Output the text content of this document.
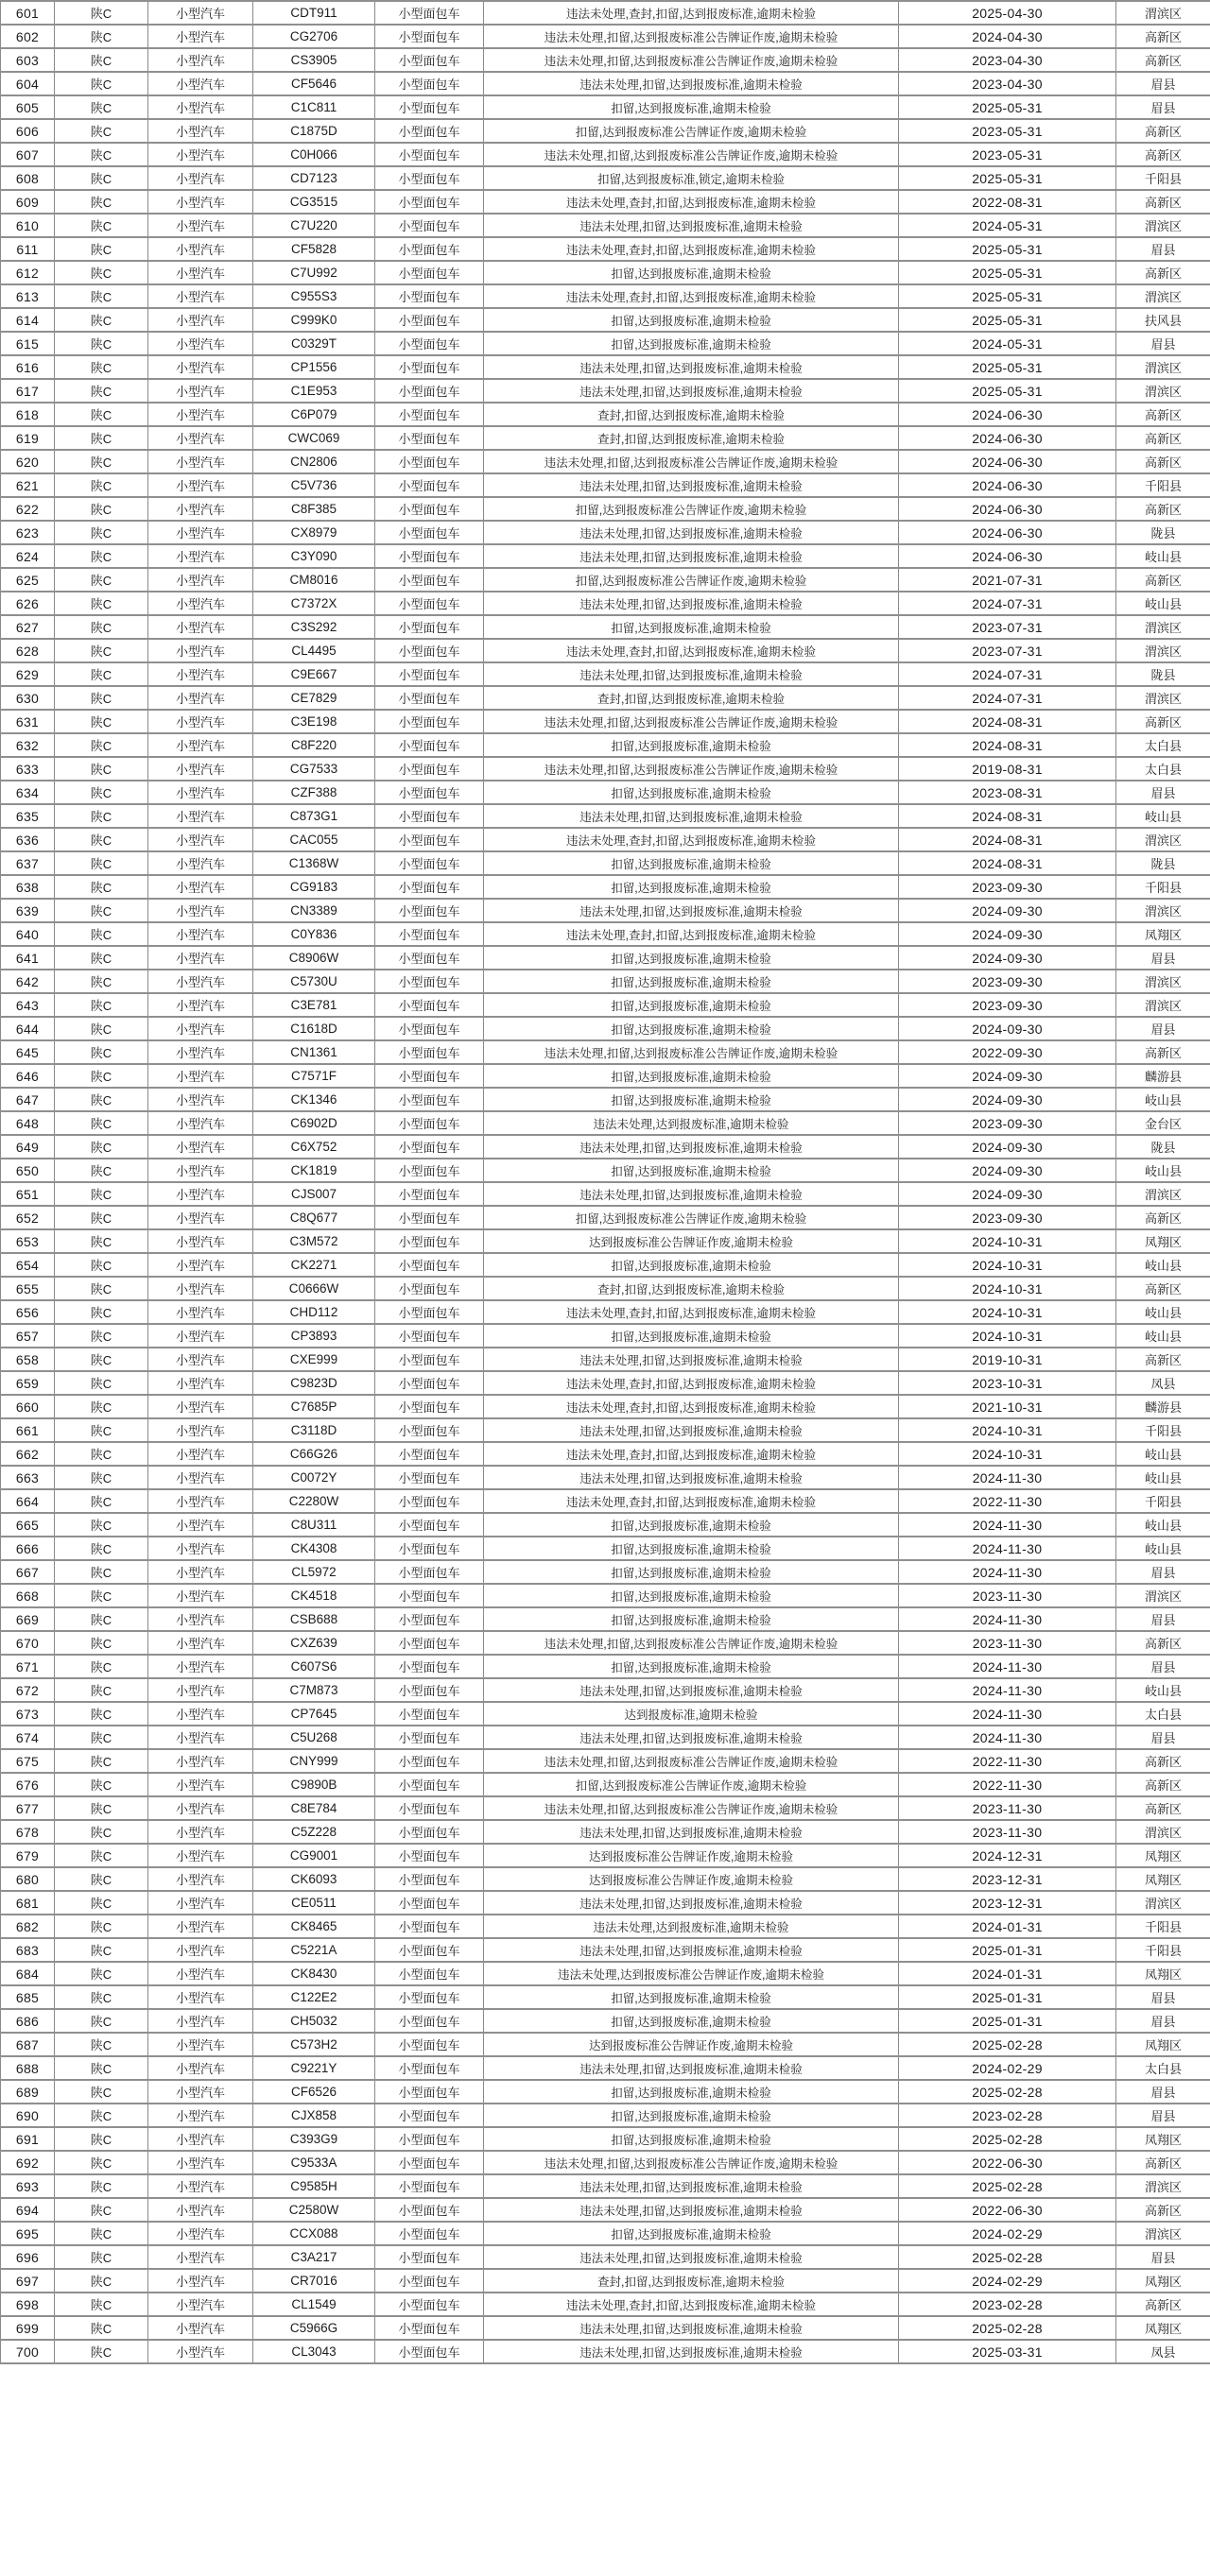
601	陕C	小型汽车	CDT911	小型面包车	违法未处理,查封,扣留,达到报废标准,逾期未检验	2025-04-30	渭滨区
602	陕C	小型汽车	CG2706	小型面包车	违法未处理,扣留,达到报废标准公告牌证作废,逾期未检验	2024-04-30	高新区
603	陕C	小型汽车	CS3905	小型面包车	违法未处理,扣留,达到报废标准公告牌证作废,逾期未检验	2023-04-30	高新区
604	陕C	小型汽车	CF5646	小型面包车	违法未处理,扣留,达到报废标准,逾期未检验	2023-04-30	眉县
605	陕C	小型汽车	C1C811	小型面包车	扣留,达到报废标准,逾期未检验	2025-05-31	眉县
606	陕C	小型汽车	C1875D	小型面包车	扣留,达到报废标准公告牌证作废,逾期未检验	2023-05-31	高新区
607	陕C	小型汽车	C0H066	小型面包车	违法未处理,扣留,达到报废标准公告牌证作废,逾期未检验	2023-05-31	高新区
608	陕C	小型汽车	CD7123	小型面包车	扣留,达到报废标准,锁定,逾期未检验	2025-05-31	千阳县
609	陕C	小型汽车	CG3515	小型面包车	违法未处理,查封,扣留,达到报废标准,逾期未检验	2022-08-31	高新区
610	陕C	小型汽车	C7U220	小型面包车	违法未处理,扣留,达到报废标准,逾期未检验	2024-05-31	渭滨区
611	陕C	小型汽车	CF5828	小型面包车	违法未处理,查封,扣留,达到报废标准,逾期未检验	2025-05-31	眉县
612	陕C	小型汽车	C7U992	小型面包车	扣留,达到报废标准,逾期未检验	2025-05-31	高新区
613	陕C	小型汽车	C955S3	小型面包车	违法未处理,查封,扣留,达到报废标准,逾期未检验	2025-05-31	渭滨区
614	陕C	小型汽车	C999K0	小型面包车	扣留,达到报废标准,逾期未检验	2025-05-31	扶风县
615	陕C	小型汽车	C0329T	小型面包车	扣留,达到报废标准,逾期未检验	2024-05-31	眉县
616	陕C	小型汽车	CP1556	小型面包车	违法未处理,扣留,达到报废标准,逾期未检验	2025-05-31	渭滨区
617	陕C	小型汽车	C1E953	小型面包车	违法未处理,扣留,达到报废标准,逾期未检验	2025-05-31	渭滨区
618	陕C	小型汽车	C6P079	小型面包车	查封,扣留,达到报废标准,逾期未检验	2024-06-30	高新区
619	陕C	小型汽车	CWC069	小型面包车	查封,扣留,达到报废标准,逾期未检验	2024-06-30	高新区
620	陕C	小型汽车	CN2806	小型面包车	违法未处理,扣留,达到报废标准公告牌证作废,逾期未检验	2024-06-30	高新区
621	陕C	小型汽车	C5V736	小型面包车	违法未处理,扣留,达到报废标准,逾期未检验	2024-06-30	千阳县
622	陕C	小型汽车	C8F385	小型面包车	扣留,达到报废标准公告牌证作废,逾期未检验	2024-06-30	高新区
623	陕C	小型汽车	CX8979	小型面包车	违法未处理,扣留,达到报废标准,逾期未检验	2024-06-30	陇县
624	陕C	小型汽车	C3Y090	小型面包车	违法未处理,扣留,达到报废标准,逾期未检验	2024-06-30	岐山县
625	陕C	小型汽车	CM8016	小型面包车	扣留,达到报废标准公告牌证作废,逾期未检验	2021-07-31	高新区
626	陕C	小型汽车	C7372X	小型面包车	违法未处理,扣留,达到报废标准,逾期未检验	2024-07-31	岐山县
627	陕C	小型汽车	C3S292	小型面包车	扣留,达到报废标准,逾期未检验	2023-07-31	渭滨区
628	陕C	小型汽车	CL4495	小型面包车	违法未处理,查封,扣留,达到报废标准,逾期未检验	2023-07-31	渭滨区
629	陕C	小型汽车	C9E667	小型面包车	违法未处理,扣留,达到报废标准,逾期未检验	2024-07-31	陇县
630	陕C	小型汽车	CE7829	小型面包车	查封,扣留,达到报废标准,逾期未检验	2024-07-31	渭滨区
631	陕C	小型汽车	C3E198	小型面包车	违法未处理,扣留,达到报废标准公告牌证作废,逾期未检验	2024-08-31	高新区
632	陕C	小型汽车	C8F220	小型面包车	扣留,达到报废标准,逾期未检验	2024-08-31	太白县
633	陕C	小型汽车	CG7533	小型面包车	违法未处理,扣留,达到报废标准公告牌证作废,逾期未检验	2019-08-31	太白县
634	陕C	小型汽车	CZF388	小型面包车	扣留,达到报废标准,逾期未检验	2023-08-31	眉县
635	陕C	小型汽车	C873G1	小型面包车	违法未处理,扣留,达到报废标准,逾期未检验	2024-08-31	岐山县
636	陕C	小型汽车	CAC055	小型面包车	违法未处理,查封,扣留,达到报废标准,逾期未检验	2024-08-31	渭滨区
637	陕C	小型汽车	C1368W	小型面包车	扣留,达到报废标准,逾期未检验	2024-08-31	陇县
638	陕C	小型汽车	CG9183	小型面包车	扣留,达到报废标准,逾期未检验	2023-09-30	千阳县
639	陕C	小型汽车	CN3389	小型面包车	违法未处理,扣留,达到报废标准,逾期未检验	2024-09-30	渭滨区
640	陕C	小型汽车	C0Y836	小型面包车	违法未处理,查封,扣留,达到报废标准,逾期未检验	2024-09-30	凤翔区
641	陕C	小型汽车	C8906W	小型面包车	扣留,达到报废标准,逾期未检验	2024-09-30	眉县
642	陕C	小型汽车	C5730U	小型面包车	扣留,达到报废标准,逾期未检验	2023-09-30	渭滨区
643	陕C	小型汽车	C3E781	小型面包车	扣留,达到报废标准,逾期未检验	2023-09-30	渭滨区
644	陕C	小型汽车	C1618D	小型面包车	扣留,达到报废标准,逾期未检验	2024-09-30	眉县
645	陕C	小型汽车	CN1361	小型面包车	违法未处理,扣留,达到报废标准公告牌证作废,逾期未检验	2022-09-30	高新区
646	陕C	小型汽车	C7571F	小型面包车	扣留,达到报废标准,逾期未检验	2024-09-30	麟游县
647	陕C	小型汽车	CK1346	小型面包车	扣留,达到报废标准,逾期未检验	2024-09-30	岐山县
648	陕C	小型汽车	C6902D	小型面包车	违法未处理,达到报废标准,逾期未检验	2023-09-30	金台区
649	陕C	小型汽车	C6X752	小型面包车	违法未处理,扣留,达到报废标准,逾期未检验	2024-09-30	陇县
650	陕C	小型汽车	CK1819	小型面包车	扣留,达到报废标准,逾期未检验	2024-09-30	岐山县
651	陕C	小型汽车	CJS007	小型面包车	违法未处理,扣留,达到报废标准,逾期未检验	2024-09-30	渭滨区
652	陕C	小型汽车	C8Q677	小型面包车	扣留,达到报废标准公告牌证作废,逾期未检验	2023-09-30	高新区
653	陕C	小型汽车	C3M572	小型面包车	达到报废标准公告牌证作废,逾期未检验	2024-10-31	凤翔区
654	陕C	小型汽车	CK2271	小型面包车	扣留,达到报废标准,逾期未检验	2024-10-31	岐山县
655	陕C	小型汽车	C0666W	小型面包车	查封,扣留,达到报废标准,逾期未检验	2024-10-31	高新区
656	陕C	小型汽车	CHD112	小型面包车	违法未处理,查封,扣留,达到报废标准,逾期未检验	2024-10-31	岐山县
657	陕C	小型汽车	CP3893	小型面包车	扣留,达到报废标准,逾期未检验	2024-10-31	岐山县
658	陕C	小型汽车	CXE999	小型面包车	违法未处理,扣留,达到报废标准,逾期未检验	2019-10-31	高新区
659	陕C	小型汽车	C9823D	小型面包车	违法未处理,查封,扣留,达到报废标准,逾期未检验	2023-10-31	凤县
660	陕C	小型汽车	C7685P	小型面包车	违法未处理,查封,扣留,达到报废标准,逾期未检验	2021-10-31	麟游县
661	陕C	小型汽车	C3118D	小型面包车	违法未处理,扣留,达到报废标准,逾期未检验	2024-10-31	千阳县
662	陕C	小型汽车	C66G26	小型面包车	违法未处理,查封,扣留,达到报废标准,逾期未检验	2024-10-31	岐山县
663	陕C	小型汽车	C0072Y	小型面包车	违法未处理,扣留,达到报废标准,逾期未检验	2024-11-30	岐山县
664	陕C	小型汽车	C2280W	小型面包车	违法未处理,查封,扣留,达到报废标准,逾期未检验	2022-11-30	千阳县
665	陕C	小型汽车	C8U311	小型面包车	扣留,达到报废标准,逾期未检验	2024-11-30	岐山县
666	陕C	小型汽车	CK4308	小型面包车	扣留,达到报废标准,逾期未检验	2024-11-30	岐山县
667	陕C	小型汽车	CL5972	小型面包车	扣留,达到报废标准,逾期未检验	2024-11-30	眉县
668	陕C	小型汽车	CK4518	小型面包车	扣留,达到报废标准,逾期未检验	2023-11-30	渭滨区
669	陕C	小型汽车	CSB688	小型面包车	扣留,达到报废标准,逾期未检验	2024-11-30	眉县
670	陕C	小型汽车	CXZ639	小型面包车	违法未处理,扣留,达到报废标准公告牌证作废,逾期未检验	2023-11-30	高新区
671	陕C	小型汽车	C607S6	小型面包车	扣留,达到报废标准,逾期未检验	2024-11-30	眉县
672	陕C	小型汽车	C7M873	小型面包车	违法未处理,扣留,达到报废标准,逾期未检验	2024-11-30	岐山县
673	陕C	小型汽车	CP7645	小型面包车	达到报废标准,逾期未检验	2024-11-30	太白县
674	陕C	小型汽车	C5U268	小型面包车	违法未处理,扣留,达到报废标准,逾期未检验	2024-11-30	眉县
675	陕C	小型汽车	CNY999	小型面包车	违法未处理,扣留,达到报废标准公告牌证作废,逾期未检验	2022-11-30	高新区
676	陕C	小型汽车	C9890B	小型面包车	扣留,达到报废标准公告牌证作废,逾期未检验	2022-11-30	高新区
677	陕C	小型汽车	C8E784	小型面包车	违法未处理,扣留,达到报废标准公告牌证作废,逾期未检验	2023-11-30	高新区
678	陕C	小型汽车	C5Z228	小型面包车	违法未处理,扣留,达到报废标准,逾期未检验	2023-11-30	渭滨区
679	陕C	小型汽车	CG9001	小型面包车	达到报废标准公告牌证作废,逾期未检验	2024-12-31	凤翔区
680	陕C	小型汽车	CK6093	小型面包车	达到报废标准公告牌证作废,逾期未检验	2023-12-31	凤翔区
681	陕C	小型汽车	CE0511	小型面包车	违法未处理,扣留,达到报废标准,逾期未检验	2023-12-31	渭滨区
682	陕C	小型汽车	CK8465	小型面包车	违法未处理,达到报废标准,逾期未检验	2024-01-31	千阳县
683	陕C	小型汽车	C5221A	小型面包车	违法未处理,扣留,达到报废标准,逾期未检验	2025-01-31	千阳县
684	陕C	小型汽车	CK8430	小型面包车	违法未处理,达到报废标准公告牌证作废,逾期未检验	2024-01-31	凤翔区
685	陕C	小型汽车	C122E2	小型面包车	扣留,达到报废标准,逾期未检验	2025-01-31	眉县
686	陕C	小型汽车	CH5032	小型面包车	扣留,达到报废标准,逾期未检验	2025-01-31	眉县
687	陕C	小型汽车	C573H2	小型面包车	达到报废标准公告牌证作废,逾期未检验	2025-02-28	凤翔区
688	陕C	小型汽车	C9221Y	小型面包车	违法未处理,扣留,达到报废标准,逾期未检验	2024-02-29	太白县
689	陕C	小型汽车	CF6526	小型面包车	扣留,达到报废标准,逾期未检验	2025-02-28	眉县
690	陕C	小型汽车	CJX858	小型面包车	扣留,达到报废标准,逾期未检验	2023-02-28	眉县
691	陕C	小型汽车	C393G9	小型面包车	扣留,达到报废标准,逾期未检验	2025-02-28	凤翔区
692	陕C	小型汽车	C9533A	小型面包车	违法未处理,扣留,达到报废标准公告牌证作废,逾期未检验	2022-06-30	高新区
693	陕C	小型汽车	C9585H	小型面包车	违法未处理,扣留,达到报废标准,逾期未检验	2025-02-28	渭滨区
694	陕C	小型汽车	C2580W	小型面包车	违法未处理,扣留,达到报废标准,逾期未检验	2022-06-30	高新区
695	陕C	小型汽车	CCX088	小型面包车	扣留,达到报废标准,逾期未检验	2024-02-29	渭滨区
696	陕C	小型汽车	C3A217	小型面包车	违法未处理,扣留,达到报废标准,逾期未检验	2025-02-28	眉县
697	陕C	小型汽车	CR7016	小型面包车	查封,扣留,达到报废标准,逾期未检验	2024-02-29	凤翔区
698	陕C	小型汽车	CL1549	小型面包车	违法未处理,查封,扣留,达到报废标准,逾期未检验	2023-02-28	高新区
699	陕C	小型汽车	C5966G	小型面包车	违法未处理,扣留,达到报废标准,逾期未检验	2025-02-28	凤翔区
700	陕C	小型汽车	CL3043	小型面包车	违法未处理,扣留,达到报废标准,逾期未检验	2025-03-31	凤县
